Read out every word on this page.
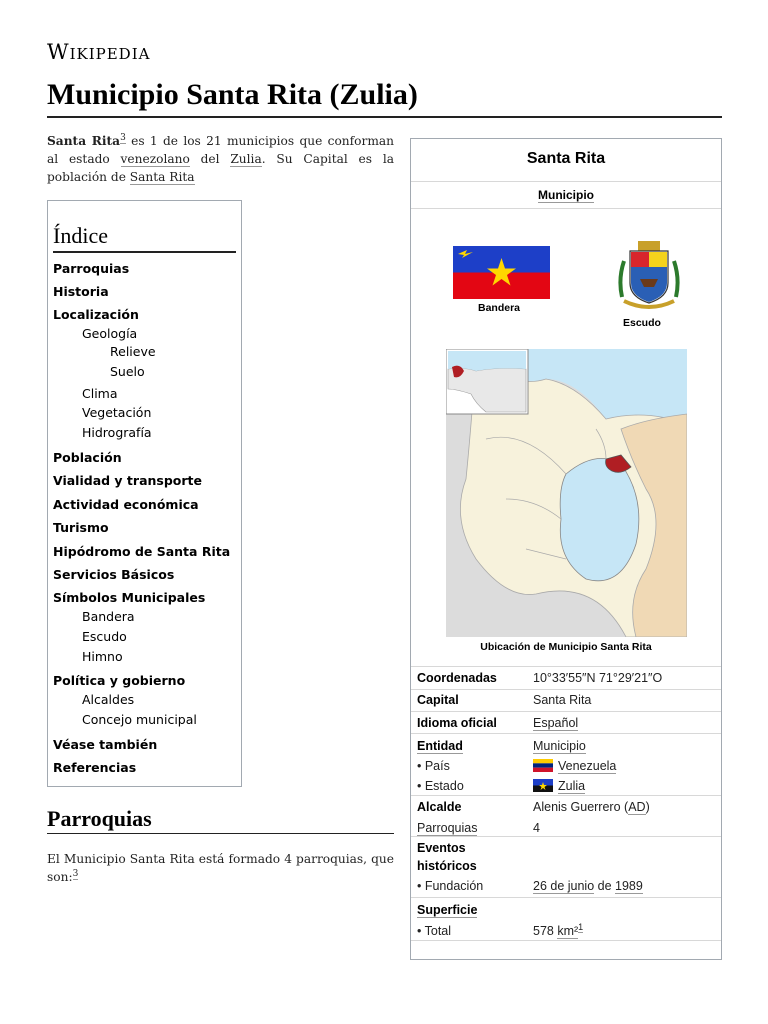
Wikipedia
Municipio Santa Rita (Zulia)

Santa Rita$^3$ es 1 de los 21 municipios que conforman al estado venezolano del Zulia. Su Capital es la población de Santa Rita

Índice
Parroquias
Historia
Localización
Geología
Relieve
Suelo
Clima
Vegetación
Hidrografía
Población
Vialidad y transporte
Actividad económica
Turismo
Hipódromo de Santa Rita
Servicios Básicos
Símbolos Municipales
Bandera
Escudo
Himno
Política y gobierno
Alcaldes
Concejo municipal
Véase también
Referencias
Parroquias

El Municipio Santa Rita está formado 4 parroquias, que son:$^3$

Santa Rita
Municipio
Bandera
Escudo
Ubicación de Municipio Santa Rita
Coordenadas	10°33′55″N 71°29′21″O
Capital	Santa Rita
Idioma oficial	Español
Entidad	Municipio
• País	Venezuela
• Estado	Zulia
Alcalde	Alenis Guerrero (AD)
Parroquias	4
Eventos
históricos
• Fundación	26 de junio de 1989
Superficie
• Total	578 km²$^1$
